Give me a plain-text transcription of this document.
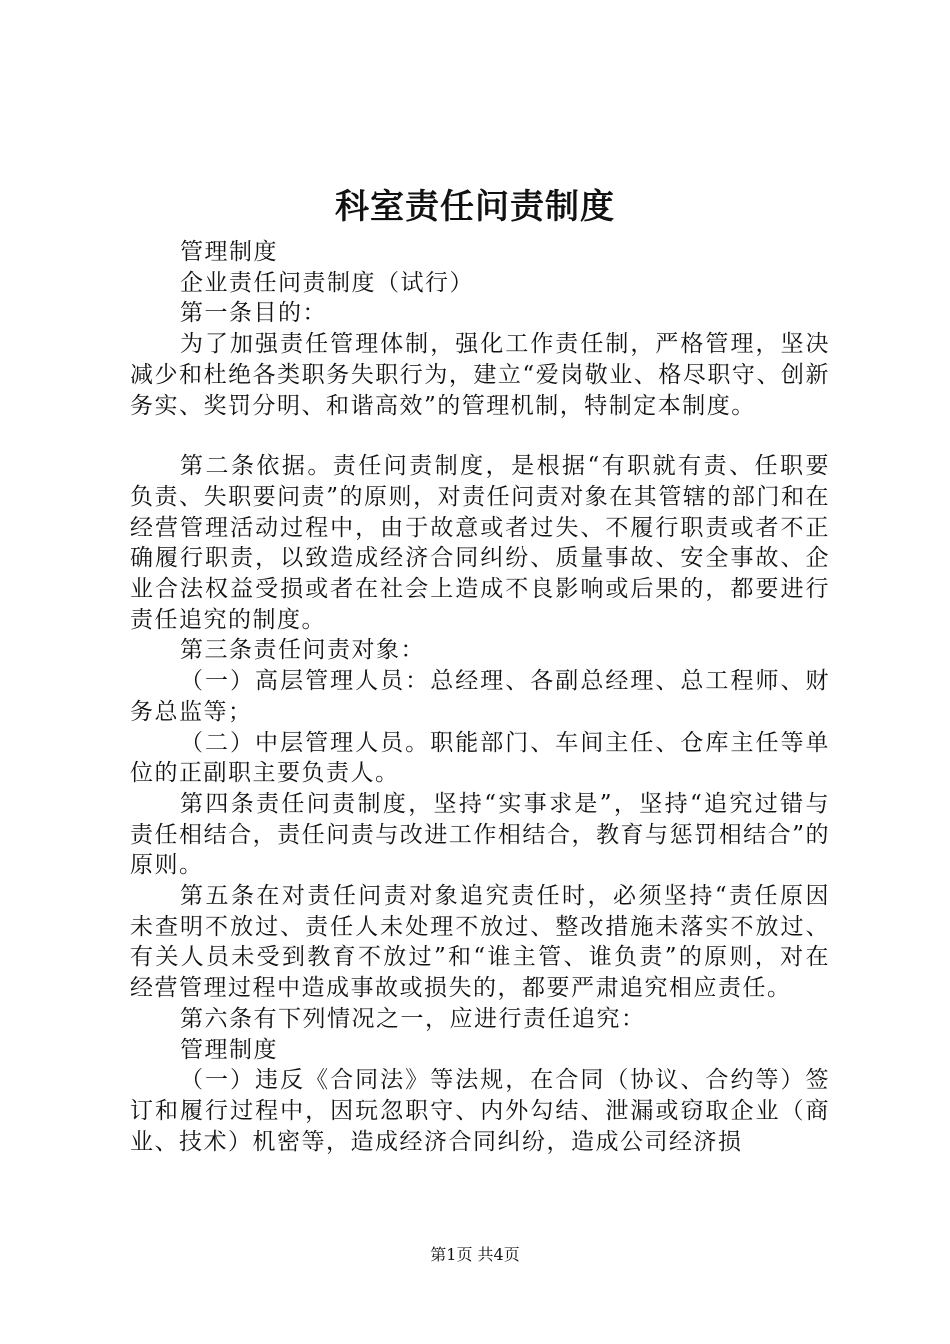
科室责任问责制度

管理制度

企业责任问责制度（试行）

第一条目的：

为了加强责任管理体制，强化工作责任制，严格管理，坚决减少和杜绝各类职务失职行为，建立“爱岗敬业、格尽职守、创新务实、奖罚分明、和谐高效”的管理机制，特制定本制度。

第二条依据。责任问责制度，是根据“有职就有责、任职要负责、失职要问责”的原则，对责任问责对象在其管辖的部门和在经营管理活动过程中，由于故意或者过失、不履行职责或者不正确履行职责，以致造成经济合同纠纷、质量事故、安全事故、企业合法权益受损或者在社会上造成不良影响或后果的，都要进行责任追究的制度。

第三条责任问责对象：

（一）高层管理人员：总经理、各副总经理、总工程师、财务总监等；

（二）中层管理人员。职能部门、车间主任、仓库主任等单位的正副职主要负责人。

第四条责任问责制度，坚持“实事求是”，坚持“追究过错与责任相结合，责任问责与改进工作相结合，教育与惩罚相结合”的原则。

第五条在对责任问责对象追究责任时，必须坚持“责任原因未查明不放过、责任人未处理不放过、整改措施未落实不放过、有关人员未受到教育不放过”和“谁主管、谁负责”的原则，对在经营管理过程中造成事故或损失的，都要严肃追究相应责任。

第六条有下列情况之一，应进行责任追究：

管理制度

（一）违反《合同法》等法规，在合同（协议、合约等）签订和履行过程中，因玩忽职守、内外勾结、泄漏或窃取企业（商业、技术）机密等，造成经济合同纠纷，造成公司经济损

第1页 共4页
